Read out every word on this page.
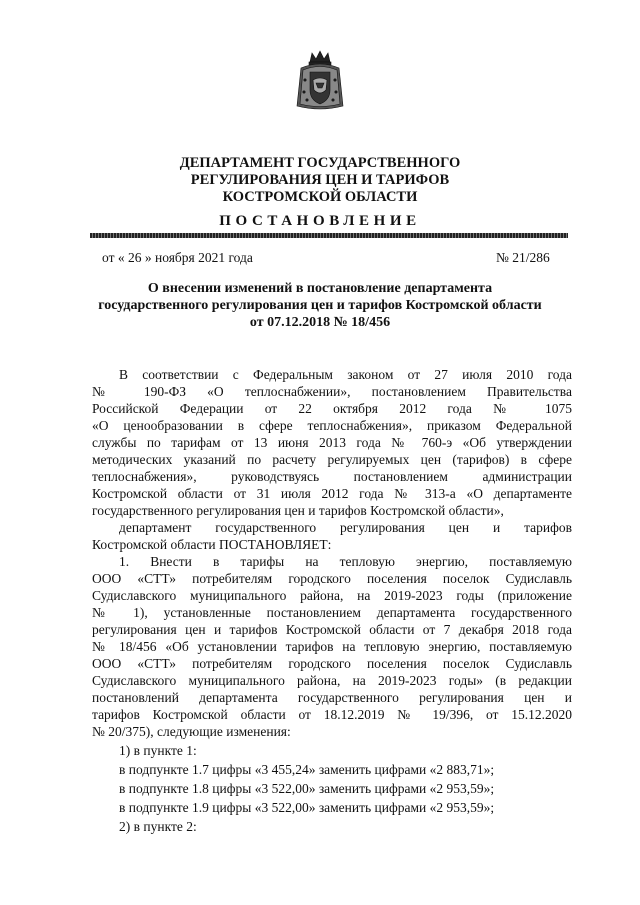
ДЕПАРТАМЕНТ ГОСУДАРСТВЕННОГО
РЕГУЛИРОВАНИЯ ЦЕН И ТАРИФОВ
КОСТРОМСКОЙ ОБЛАСТИ
ПОСТАНОВЛЕНИЕ
от « 26 » ноября 2021 года	№ 21/286
О внесении изменений в постановление департамента
государственного регулирования цен и тарифов Костромской области
от 07.12.2018 № 18/456
В соответствии с Федеральным законом от 27 июля 2010 года
№ 190-ФЗ «О теплоснабжении», постановлением Правительства
Российской Федерации от 22 октября 2012 года № 1075
«О ценообразовании в сфере теплоснабжения», приказом Федеральной
службы по тарифам от 13 июня 2013 года № 760-э «Об утверждении
методических указаний по расчету регулируемых цен (тарифов) в сфере
теплоснабжения», руководствуясь постановлением администрации
Костромской области от 31 июля 2012 года № 313-а «О департаменте
государственного регулирования цен и тарифов Костромской области»,
департамент государственного регулирования цен и тарифов
Костромской области ПОСТАНОВЛЯЕТ:
1. Внести в тарифы на тепловую энергию, поставляемую
ООО «СТТ» потребителям городского поселения поселок Судиславль
Судиславского муниципального района, на 2019-2023 годы (приложение
№ 1), установленные постановлением департамента государственного
регулирования цен и тарифов Костромской области от 7 декабря 2018 года
№ 18/456 «Об установлении тарифов на тепловую энергию, поставляемую
ООО «СТТ» потребителям городского поселения поселок Судиславль
Судиславского муниципального района, на 2019-2023 годы» (в редакции
постановлений департамента государственного регулирования цен и
тарифов Костромской области от 18.12.2019 № 19/396, от 15.12.2020
№ 20/375), следующие изменения:
1) в пункте 1:
в подпункте 1.7 цифры «3 455,24» заменить цифрами «2 883,71»;
в подпункте 1.8 цифры «3 522,00» заменить цифрами «2 953,59»;
в подпункте 1.9 цифры «3 522,00» заменить цифрами «2 953,59»;
2) в пункте 2:
